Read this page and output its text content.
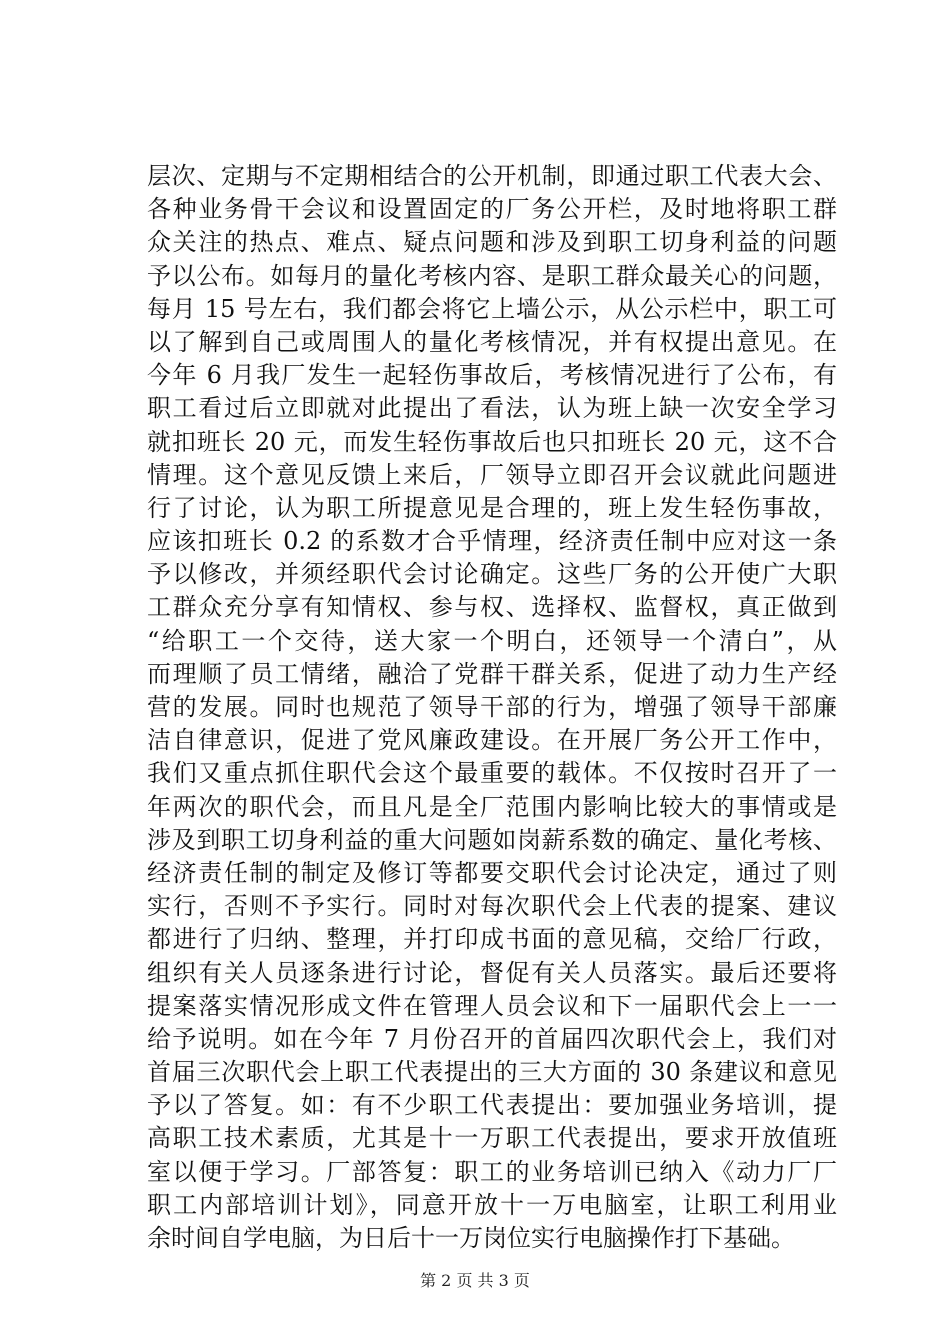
层次、定期与不定期相结合的公开机制，即通过职工代表大会、
各种业务骨干会议和设置固定的厂务公开栏，及时地将职工群
众关注的热点、难点、疑点问题和涉及到职工切身利益的问题
予以公布。如每月的量化考核内容、是职工群众最关心的问题，
每月 15 号左右，我们都会将它上墙公示，从公示栏中，职工可
以了解到自己或周围人的量化考核情况，并有权提出意见。在
今年 6 月我厂发生一起轻伤事故后，考核情况进行了公布，有
职工看过后立即就对此提出了看法，认为班上缺一次安全学习
就扣班长 20 元，而发生轻伤事故后也只扣班长 20 元，这不合
情理。这个意见反馈上来后，厂领导立即召开会议就此问题进
行了讨论，认为职工所提意见是合理的，班上发生轻伤事故，
应该扣班长 0.2 的系数才合乎情理，经济责任制中应对这一条
予以修改，并须经职代会讨论确定。这些厂务的公开使广大职
工群众充分享有知情权、参与权、选择权、监督权，真正做到
“给职工一个交待，送大家一个明白，还领导一个清白”，从
而理顺了员工情绪，融洽了党群干群关系，促进了动力生产经
营的发展。同时也规范了领导干部的行为，增强了领导干部廉
洁自律意识，促进了党风廉政建设。在开展厂务公开工作中，
我们又重点抓住职代会这个最重要的载体。不仅按时召开了一
年两次的职代会，而且凡是全厂范围内影响比较大的事情或是
涉及到职工切身利益的重大问题如岗薪系数的确定、量化考核、
经济责任制的制定及修订等都要交职代会讨论决定，通过了则
实行，否则不予实行。同时对每次职代会上代表的提案、建议
都进行了归纳、整理，并打印成书面的意见稿，交给厂行政，
组织有关人员逐条进行讨论，督促有关人员落实。最后还要将
提案落实情况形成文件在管理人员会议和下一届职代会上一一
给予说明。如在今年 7 月份召开的首届四次职代会上，我们对
首届三次职代会上职工代表提出的三大方面的 30 条建议和意见
予以了答复。如：有不少职工代表提出：要加强业务培训，提
高职工技术素质，尤其是十一万职工代表提出，要求开放值班
室以便于学习。厂部答复：职工的业务培训已纳入《动力厂厂
职工内部培训计划》，同意开放十一万电脑室，让职工利用业
余时间自学电脑，为日后十一万岗位实行电脑操作打下基础。
第 2 页 共 3 页
